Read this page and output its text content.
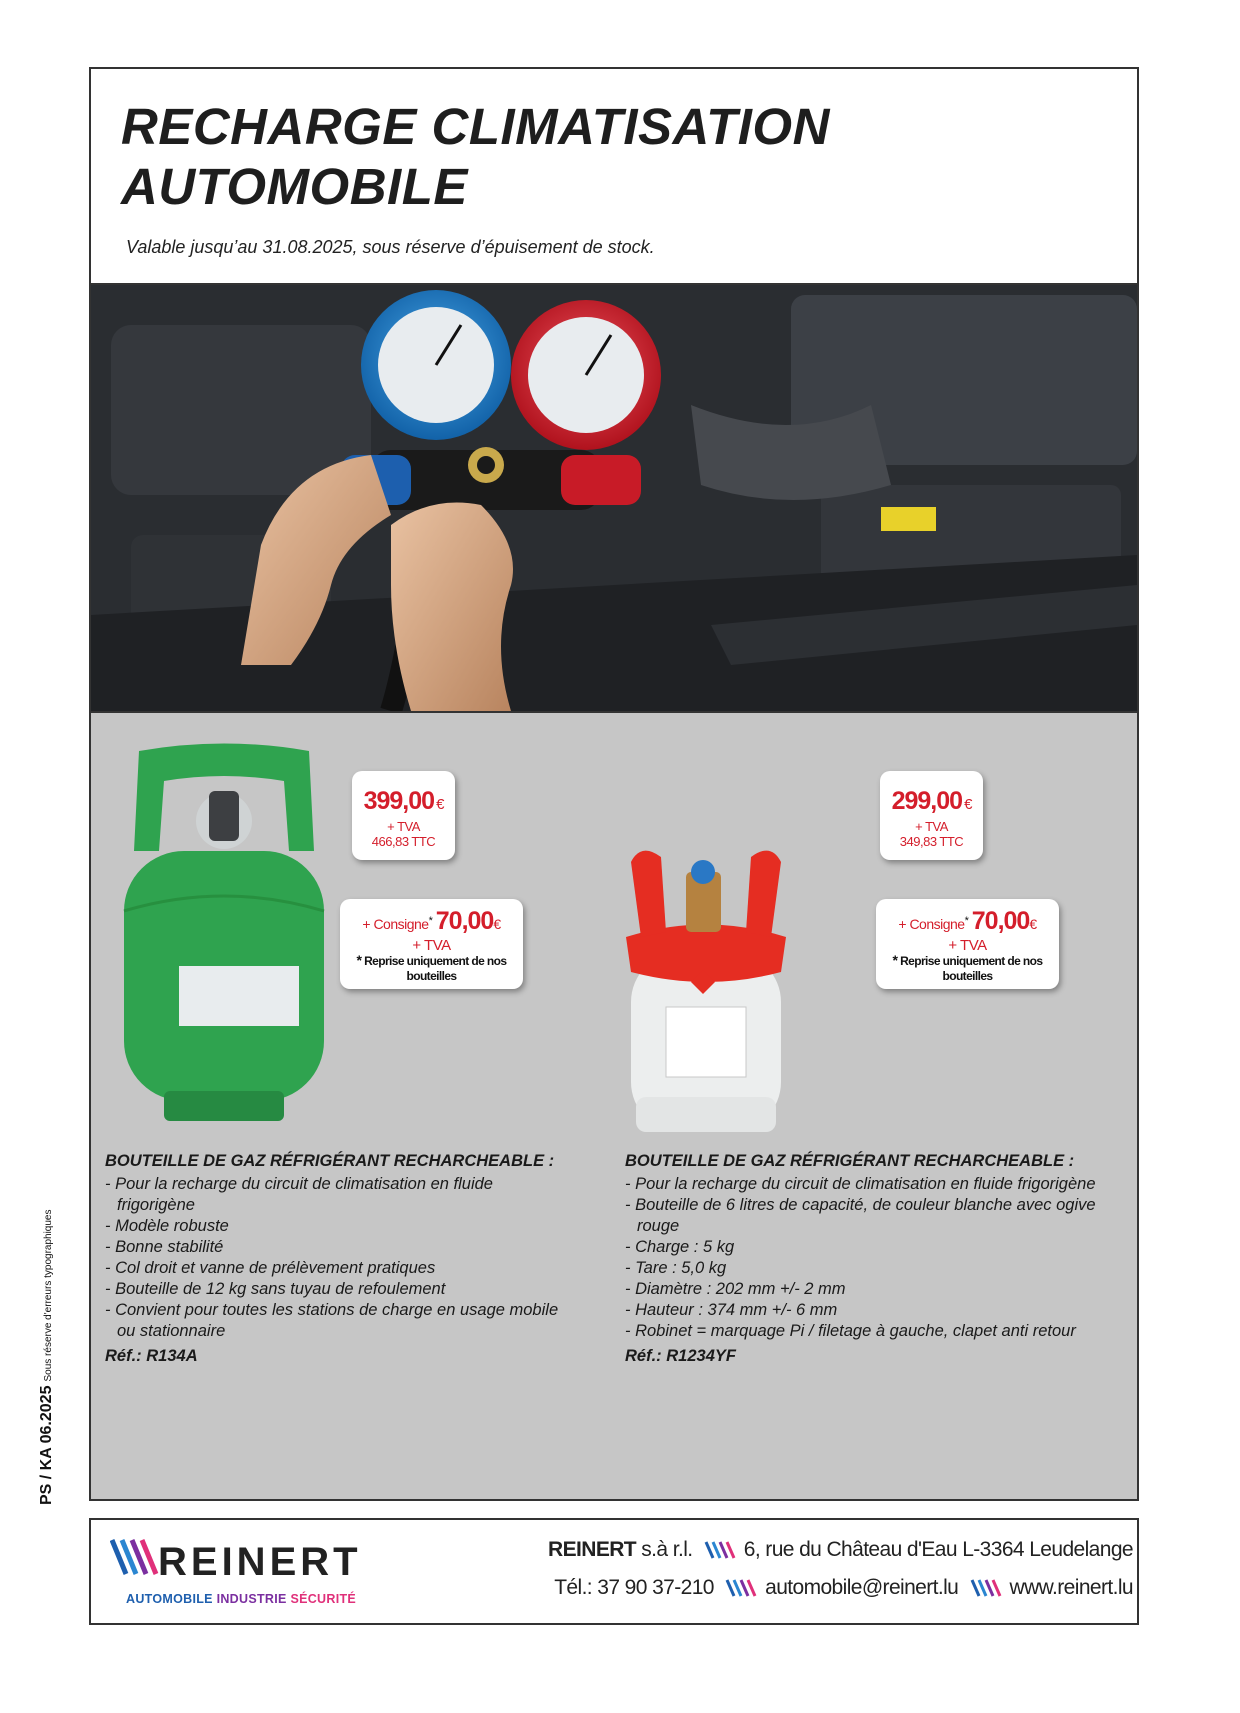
PS / KA 06.2025Sous réserve d'erreurs typographiques
RECHARGE CLIMATISATION
AUTOMOBILE
Valable jusqu’au 31.08.2025, sous réserve d’épuisement de stock.
399,00 €
+ TVA
466,83 TTC
+ Consigne* 70,00€
+ TVA
* Reprise uniquement de nos bouteilles
299,00 €
+ TVA
349,83 TTC
+ Consigne* 70,00€
+ TVA
* Reprise uniquement de nos bouteilles
BOUTEILLE DE GAZ RÉFRIGÉRANT RECHARCHEABLE :
- Pour la recharge du circuit de climatisation en fluide frigorigène
- Modèle robuste
- Bonne stabilité
- Col droit et vanne de prélèvement pratiques
- Bouteille de 12 kg sans tuyau de refoulement
- Convient pour toutes les stations de charge en usage mobile ou stationnaire
Réf.: R134A
BOUTEILLE DE GAZ RÉFRIGÉRANT RECHARCHEABLE :
- Pour la recharge du circuit de climatisation en fluide frigorigène
- Bouteille de 6 litres de capacité, de couleur blanche avec ogive rouge
- Charge : 5 kg
- Tare : 5,0 kg
- Diamètre : 202 mm +/- 2 mm
- Hauteur : 374 mm +/- 6 mm
- Robinet = marquage Pi / filetage à gauche, clapet anti retour
Réf.: R1234YF
REINERT
AUTOMOBILE INDUSTRIE SÉCURITÉ
REINERT s.à r.l. 6, rue du Château d'Eau L-3364 Leudelange
Tél.: 37 90 37-210 automobile@reinert.lu www.reinert.lu
